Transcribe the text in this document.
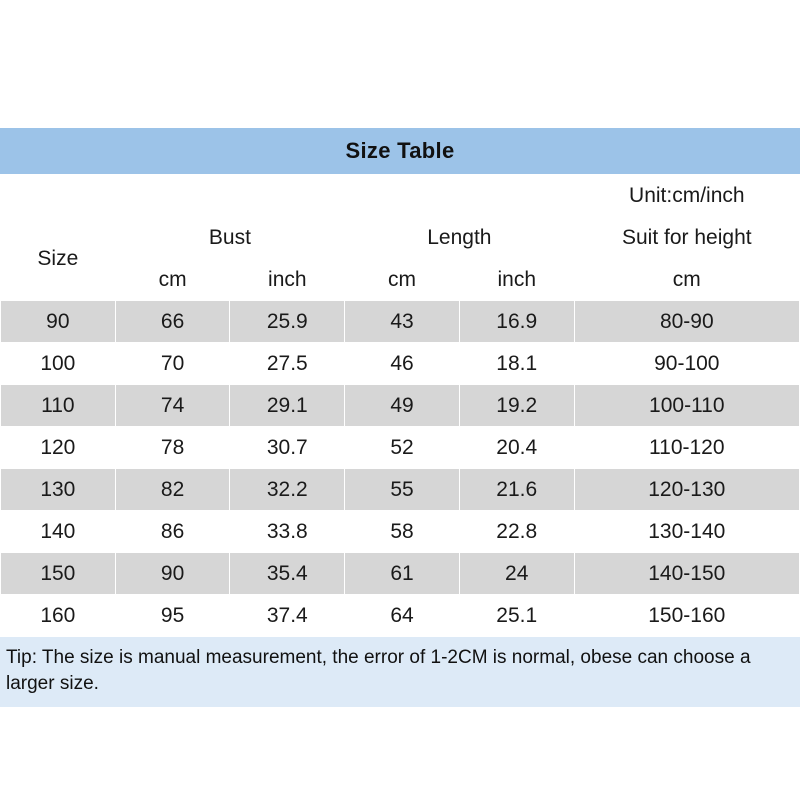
Size Table
					Unit:cm/inch
Size	Bust		Length		Suit for height
	cm	inch	cm	inch	cm
90	66	25.9	43	16.9	80-90
100	70	27.5	46	18.1	90-100
110	74	29.1	49	19.2	100-110
120	78	30.7	52	20.4	110-120
130	82	32.2	55	21.6	120-130
140	86	33.8	58	22.8	130-140
150	90	35.4	61	24	140-150
160	95	37.4	64	25.1	150-160
Tip: The size is manual measurement, the error of 1-2CM is normal, obese can choose a larger size.
